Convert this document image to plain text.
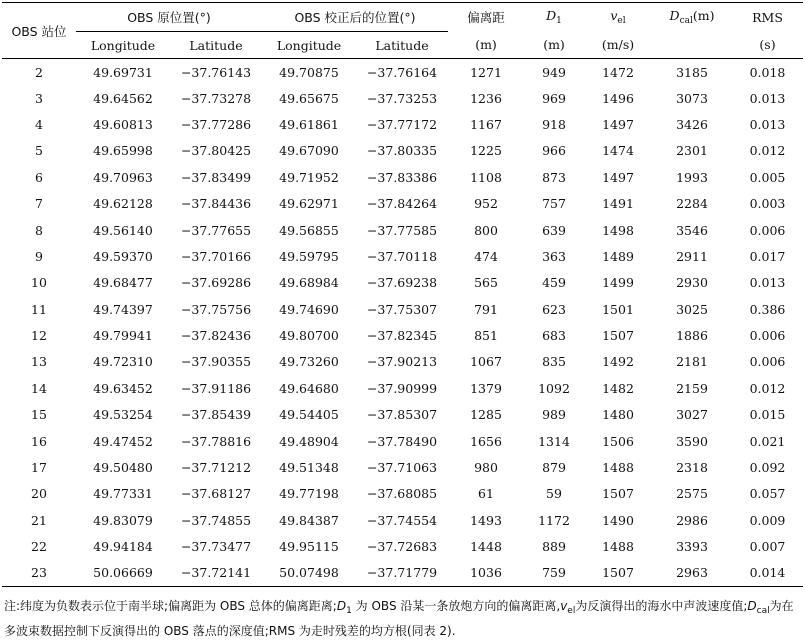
OBS 站位	OBS 原位置(°)		OBS 校正后的位置(°)		偏离距	$D_1$	$v_{el}$	$D_{cal}(m)$	RMS
	Longitude	Latitude	Longitude	Latitude	(m)	(m)	(m/s)		(s)
2	49.69731	−37.76143	49.70875	−37.76164	1271	949	1472	3185	0.018
3	49.64562	−37.73278	49.65675	−37.73253	1236	969	1496	3073	0.013
4	49.60813	−37.77286	49.61861	−37.77172	1167	918	1497	3426	0.013
5	49.65998	−37.80425	49.67090	−37.80335	1225	966	1474	2301	0.012
6	49.70963	−37.83499	49.71952	−37.83386	1108	873	1497	1993	0.005
7	49.62128	−37.84436	49.62971	−37.84264	952	757	1491	2284	0.003
8	49.56140	−37.77655	49.56855	−37.77585	800	639	1498	3546	0.006
9	49.59370	−37.70166	49.59795	−37.70118	474	363	1489	2911	0.017
10	49.68477	−37.69286	49.68984	−37.69238	565	459	1499	2930	0.013
11	49.74397	−37.75756	49.74690	−37.75307	791	623	1501	3025	0.386
12	49.79941	−37.82436	49.80700	−37.82345	851	683	1507	1886	0.006
13	49.72310	−37.90355	49.73260	−37.90213	1067	835	1492	2181	0.006
14	49.63452	−37.91186	49.64680	−37.90999	1379	1092	1482	2159	0.012
15	49.53254	−37.85439	49.54405	−37.85307	1285	989	1480	3027	0.015
16	49.47452	−37.78816	49.48904	−37.78490	1656	1314	1506	3590	0.021
17	49.50480	−37.71212	49.51348	−37.71063	980	879	1488	2318	0.092
20	49.77331	−37.68127	49.77198	−37.68085	61	59	1507	2575	0.057
21	49.83079	−37.74855	49.84387	−37.74554	1493	1172	1490	2986	0.009
22	49.94184	−37.73477	49.95115	−37.72683	1448	889	1488	3393	0.007
23	50.06669	−37.72141	50.07498	−37.71779	1036	759	1507	2963	0.014
注:纬度为负数表示位于南半球;偏离距为 OBS 总体的偏离距离$;D_1$ 为 OBS 沿某一条放炮方向的偏离距离$,v_{el}$为反演得出的海水中声波速度值$;D_{cal}$为在多波束数据控制下反演得出的 OBS 落点的深度值;RMS 为走时残差的均方根(同表 2).
